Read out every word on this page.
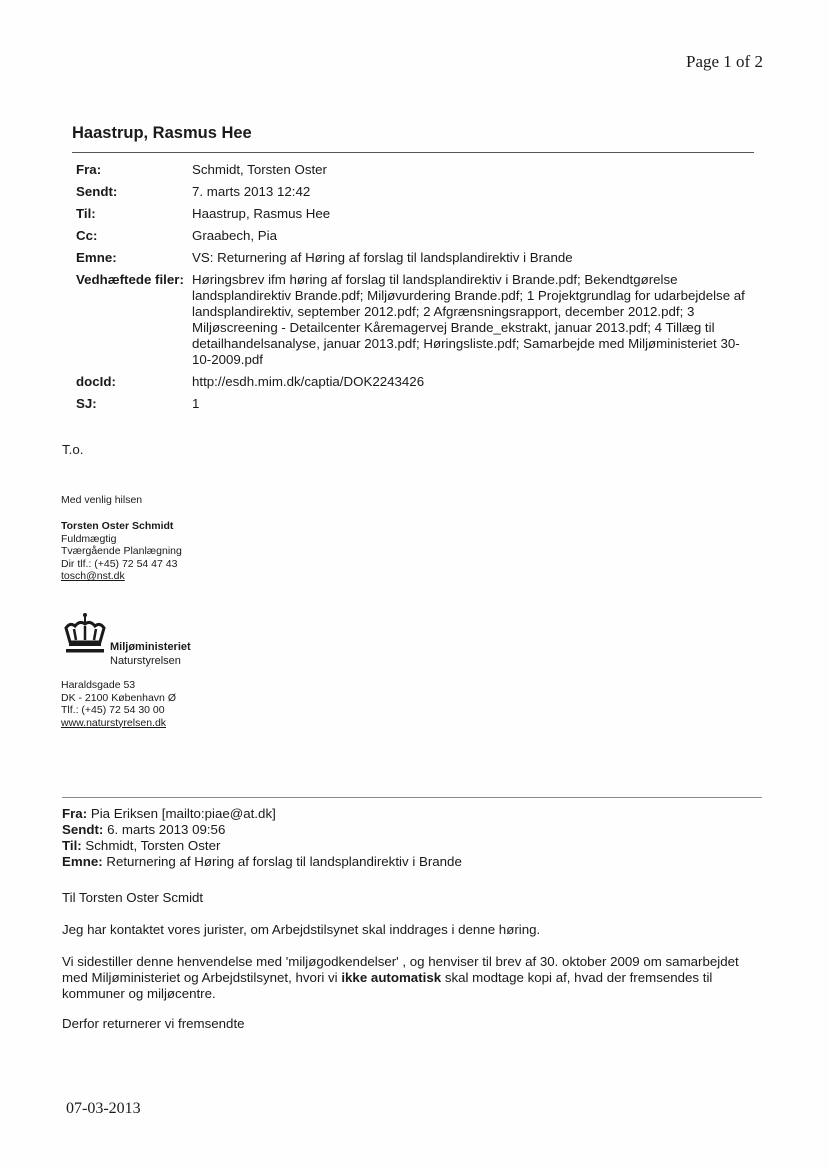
Page 1 of 2
Haastrup, Rasmus Hee
Fra:	Schmidt, Torsten Oster
Sendt:	7. marts 2013 12:42
Til:	Haastrup, Rasmus Hee
Cc:	Graabech, Pia
Emne:	VS: Returnering af Høring af forslag til landsplandirektiv i Brande
Vedhæftede filer:	Høringsbrev ifm høring af forslag til landsplandirektiv i Brande.pdf; Bekendtgørelse landsplandirektiv Brande.pdf; Miljøvurdering Brande.pdf; 1 Projektgrundlag for udarbejdelse af landsplandirektiv, september 2012.pdf; 2 Afgrænsningsrapport, december 2012.pdf; 3 Miljøscreening - Detailcenter Kåremagervej Brande_ekstrakt, januar 2013.pdf; 4 Tillæg til detailhandelsanalyse, januar 2013.pdf; Høringsliste.pdf; Samarbejde med Miljøministeriet 30-10-2009.pdf
docId:	http://esdh.mim.dk/captia/DOK2243426
SJ:	1
T.o.
Med venlig hilsen
Torsten Oster Schmidt
Fuldmægtig
Tværgående Planlægning
Dir tlf.: (+45) 72 54 47 43
tosch@nst.dk
Miljøministeriet
Naturstyrelsen
Haraldsgade 53
DK - 2100 København Ø
Tlf.: (+45) 72 54 30 00
www.naturstyrelsen.dk
Fra: Pia Eriksen [mailto:piae@at.dk]
Sendt: 6. marts 2013 09:56
Til: Schmidt, Torsten Oster
Emne: Returnering af Høring af forslag til landsplandirektiv i Brande
Til Torsten Oster Scmidt
Jeg har kontaktet vores jurister, om Arbejdstilsynet skal inddrages i denne høring.
Vi sidestiller denne henvendelse med 'miljøgodkendelser' , og henviser til brev af 30. oktober 2009 om samarbejdet med Miljøministeriet og Arbejdstilsynet, hvori vi ikke automatisk skal modtage kopi af, hvad der fremsendes til kommuner og miljøcentre.
Derfor returnerer vi fremsendte
07-03-2013
